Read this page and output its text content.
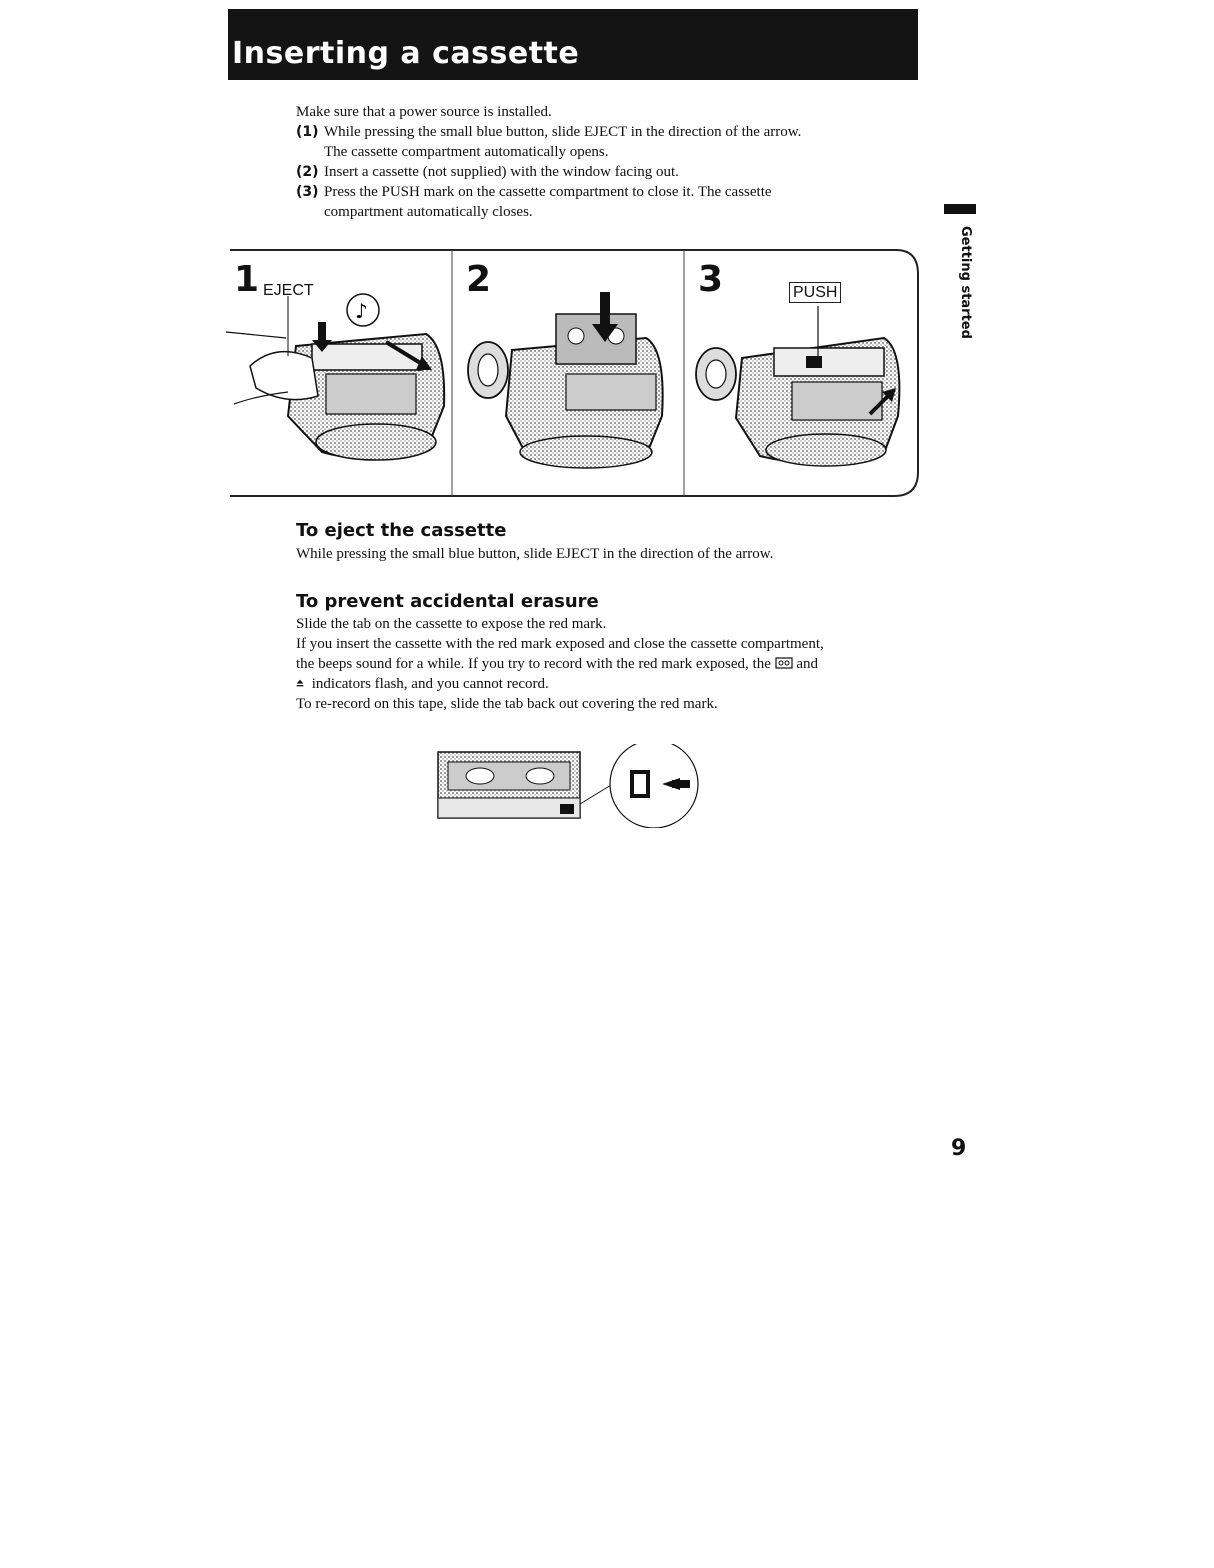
Inserting a cassette

Make sure that a power source is installed.

(1) While pressing the small blue button, slide EJECT in the direction of the arrow.
The cassette compartment automatically opens.
(2) Insert a cassette (not supplied) with the window facing out.
(3) Press the PUSH mark on the cassette compartment to close it. The cassette
compartment automatically closes.
Getting started
♪
1 EJECT	2	3	PUSH
To eject the cassette

While pressing the small blue button, slide EJECT in the direction of the arrow.

To prevent accidental erasure
Slide the tab on the cassette to expose the red mark.
If you insert the cassette with the red mark exposed and close the cassette compartment,
the beeps sound for a while. If you try to record with the red mark exposed, the and
indicators flash, and you cannot record.
To re-record on this tape, slide the tab back out covering the red mark.
9
